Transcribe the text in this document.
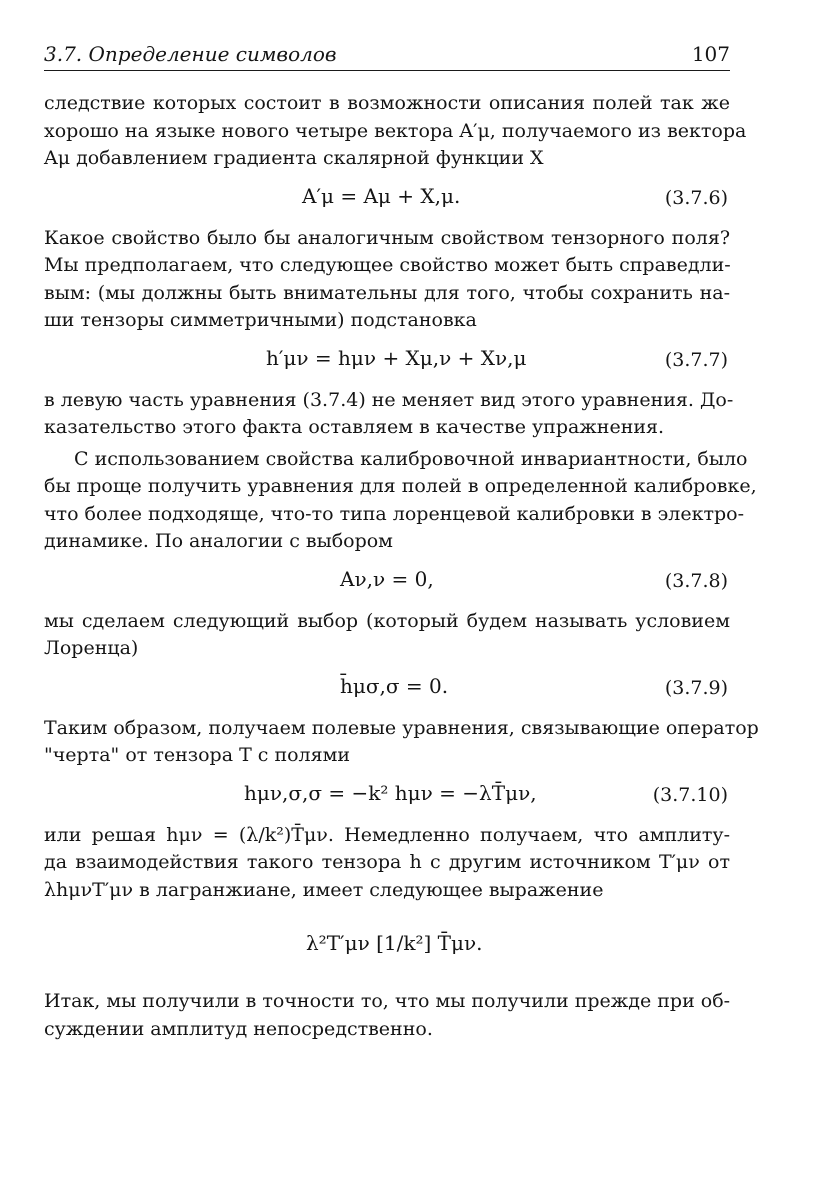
3.7. Определение символов	107
следствие которых состоит в возможности описания полей так же
хорошо на языке нового четыре вектора A′μ, получаемого из вектора
Aμ добавлением градиента скалярной функции X
A′μ = Aμ + X,μ.	(3.7.6)
Какое свойство было бы аналогичным свойством тензорного поля?
Мы предполагаем, что следующее свойство может быть справедли-
вым: (мы должны быть внимательны для того, чтобы сохранить на-
ши тензоры симметричными) подстановка
h′μν = hμν + Xμ,ν + Xν,μ	(3.7.7)
в левую часть уравнения (3.7.4) не меняет вид этого уравнения. До-
казательство этого факта оставляем в качестве упражнения.
С использованием свойства калибровочной инвариантности, было
бы проще получить уравнения для полей в определенной калибровке,
что более подходяще, что-то типа лоренцевой калибровки в электро-
динамике. По аналогии с выбором
Aν,ν = 0,	(3.7.8)
мы сделаем следующий выбор (который будем называть условием
Лоренца)
h̄μσ,σ = 0.	(3.7.9)
Таким образом, получаем полевые уравнения, связывающие оператор
"черта" от тензора T с полями
hμν,σ,σ = −k² hμν = −λT̄μν,	(3.7.10)
или решая hμν = (λ/k²)T̄μν. Немедленно получаем, что амплиту-
да взаимодействия такого тензора h с другим источником T′μν от
λhμνT′μν в лагранжиане, имеет следующее выражение
λ²T′μν [1/k²] T̄μν.
Итак, мы получили в точности то, что мы получили прежде при об-
суждении амплитуд непосредственно.
